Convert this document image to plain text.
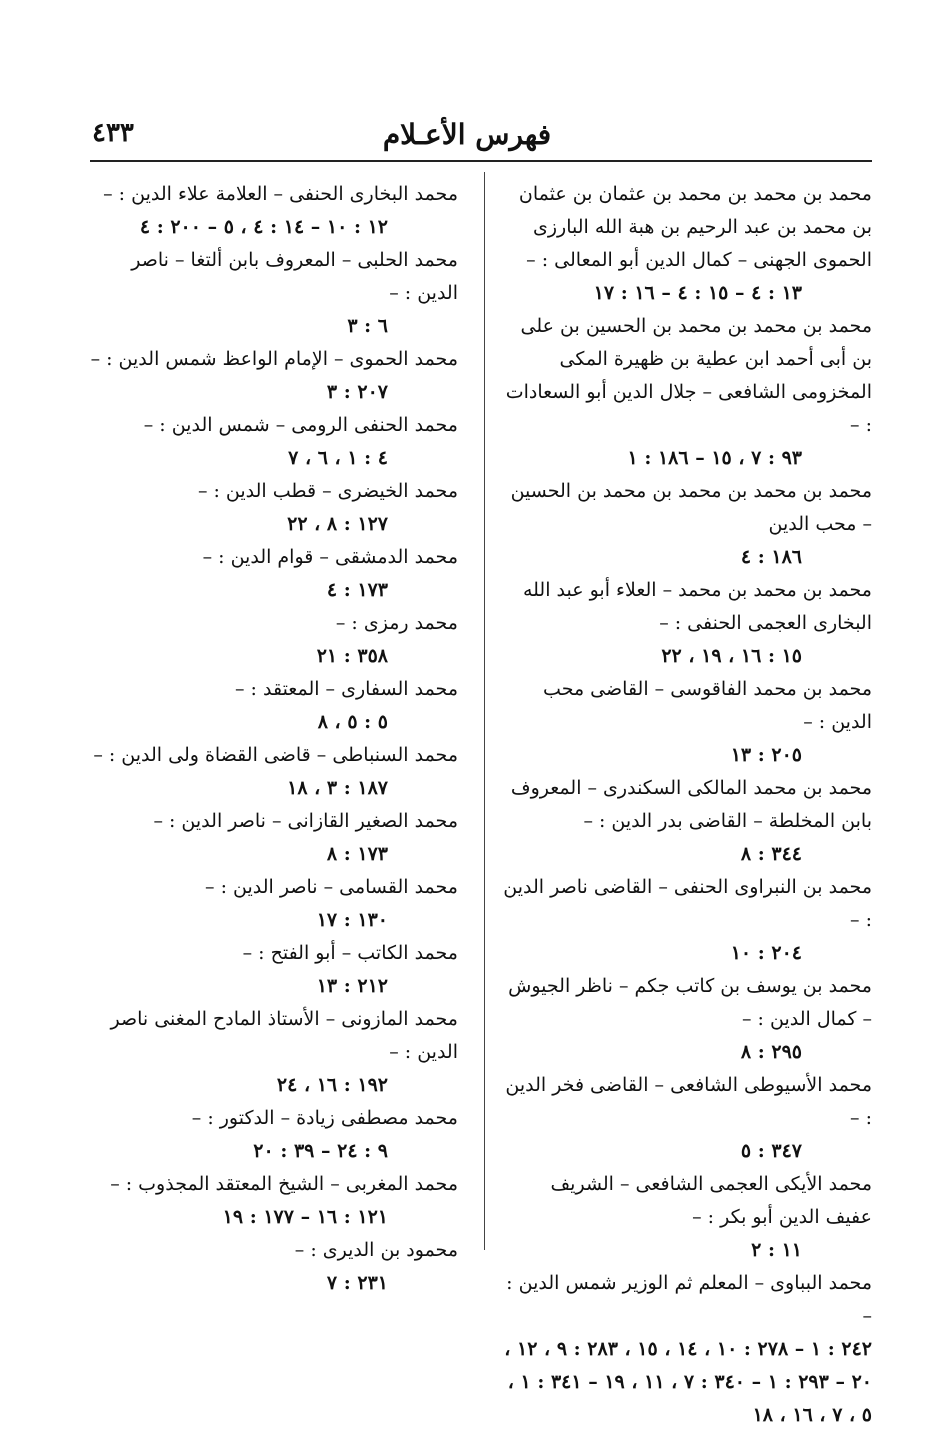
٤٣٣	فهرس الأعـلام
محمد بن محمد بن محمد بن عثمان بن عثمان بن محمد بن عبد الرحيم بن هبة الله البارزى الحموى الجهنى – كمال الدين أبو المعالى : –
١٣ : ٤ – ١٥ : ٤ – ١٦ : ١٧
محمد بن محمد بن محمد بن الحسين بن على بن أبى أحمد ابن عطية بن ظهيرة المكى المخزومى الشافعى – جلال الدين أبو السعادات : –
٩٣ : ٧ ، ١٥ – ١٨٦ : ١
محمد بن محمد بن محمد بن محمد بن الحسين – محب الدين
١٨٦ : ٤
محمد بن محمد بن محمد – العلاء أبو عبد الله البخارى العجمى الحنفى : –
١٥ : ١٦ ، ١٩ ، ٢٢
محمد بن محمد الفاقوسى – القاضى محب الدين : –
٢٠٥ : ١٣
محمد بن محمد المالكى السكندرى – المعروف بابن المخلطة – القاضى بدر الدين : –
٣٤٤ : ٨
محمد بن النبراوى الحنفى – القاضى ناصر الدين : –
٢٠٤ : ١٠
محمد بن يوسف بن كاتب جكم – ناظر الجيوش – كمال الدين : –
٢٩٥ : ٨
محمد الأسيوطى الشافعى – القاضى فخر الدين : –
٣٤٧ : ٥
محمد الأيكى العجمى الشافعى – الشريف عفيف الدين أبو بكر : –
١١ : ٢
محمد البباوى – المعلم ثم الوزير شمس الدين : –
٢٤٢ : ١ – ٢٧٨ : ١٠ ، ١٤ ، ١٥ ، ٢٨٣ : ٩ ، ١٢ ، ٢٠ – ٢٩٣ : ١ – ٣٤٠ : ٧ ، ١١ ، ١٩ – ٣٤١ : ١ ، ٥ ، ٧ ، ١٦ ، ١٨
محمد البخارى الحنفى – العلامة علاء الدين : –
١٢ : ١٠ – ١٤ : ٤ ، ٥ – ٢٠٠ : ٤
محمد الحلبى – المعروف بابن ألتغا – ناصر الدين : –
٦ : ٣
محمد الحموى – الإمام الواعظ شمس الدين : –
٢٠٧ : ٣
محمد الحنفى الرومى – شمس الدين : –
٤ : ١ ، ٦ ، ٧
محمد الخيضرى – قطب الدين : –
١٢٧ : ٨ ، ٢٢
محمد الدمشقى – قوام الدين : –
١٧٣ : ٤
محمد رمزى : –
٣٥٨ : ٢١
محمد السفارى – المعتقد : –
٥ : ٥ ، ٨
محمد السنباطى – قاضى القضاة ولى الدين : –
١٨٧ : ٣ ، ١٨
محمد الصغير القازانى – ناصر الدين : –
١٧٣ : ٨
محمد القسامى – ناصر الدين : –
١٣٠ : ١٧
محمد الكاتب – أبو الفتح : –
٢١٢ : ١٣
محمد المازونى – الأستاذ المادح المغنى ناصر الدين : –
١٩٢ : ١٦ ، ٢٤
محمد مصطفى زيادة – الدكتور : –
٩ : ٢٤ – ٣٩ : ٢٠
محمد المغربى – الشيخ المعتقد المجذوب : –
١٢١ : ١٦ – ١٧٧ : ١٩
محمود بن الديرى : –
٢٣١ : ٧
